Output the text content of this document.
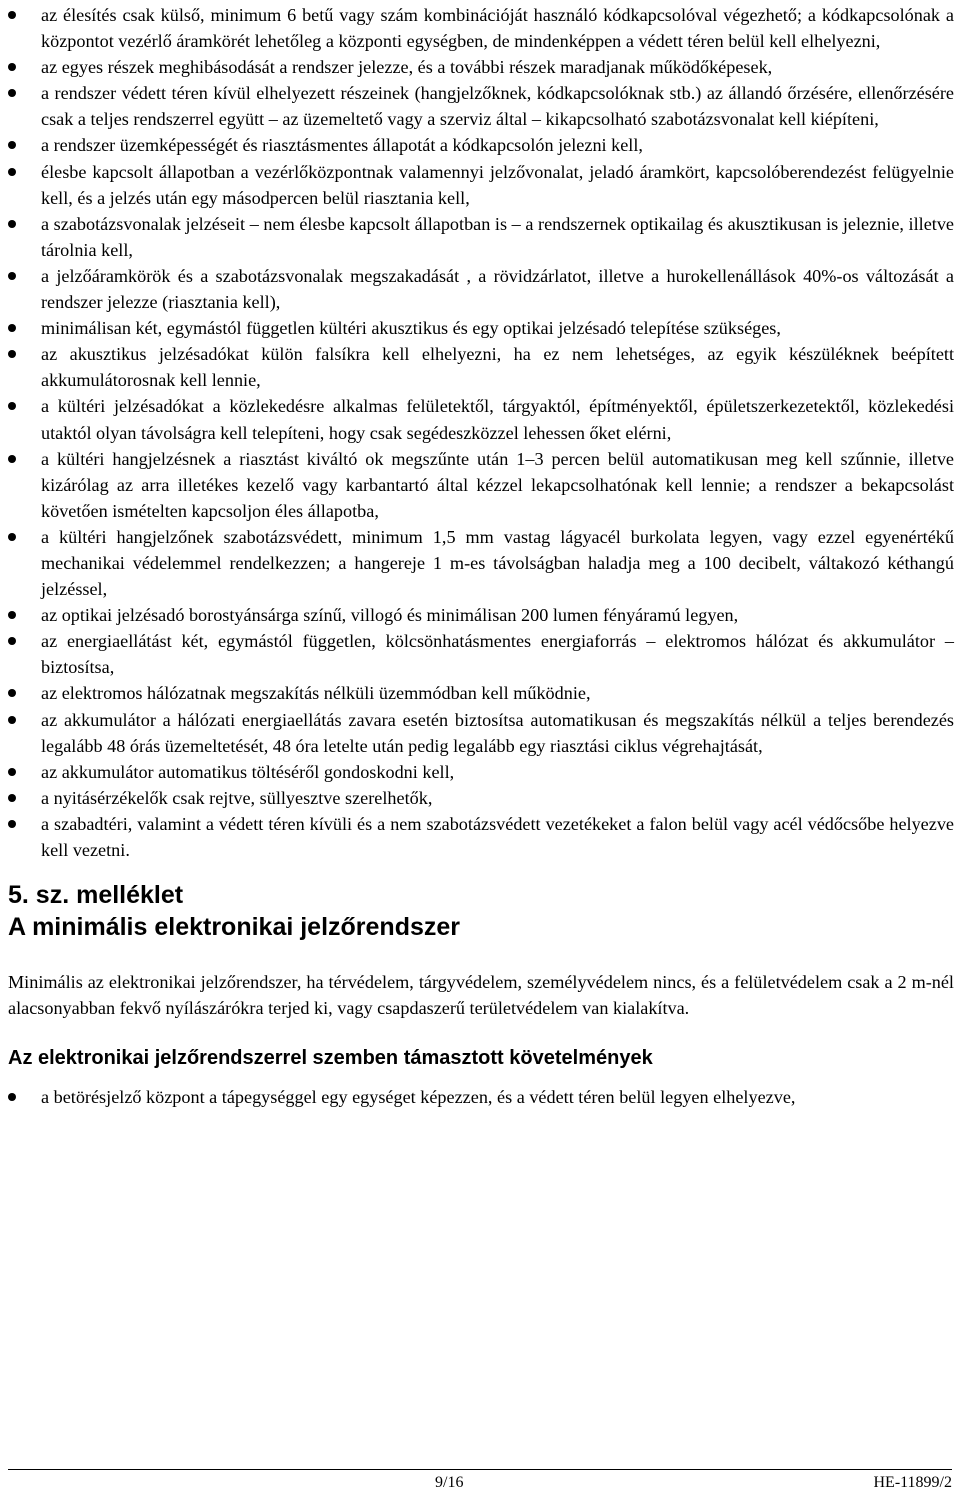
az élesítés csak külső, minimum 6 betű vagy szám kombinációját használó kódkapcsolóval végezhető; a kódkapcsolónak a központot vezérlő áramkörét lehetőleg a központi egységben, de mindenképpen a védett téren belül kell elhelyezni,
az egyes részek meghibásodását a rendszer jelezze, és a további részek maradjanak működőképesek,
a rendszer védett téren kívül elhelyezett részeinek (hangjelzőknek, kódkapcsolóknak stb.) az állandó őrzésére, ellenőrzésére csak a teljes rendszerrel együtt – az üzemeltető vagy a szerviz által – kikapcsolható szabotázsvonalat kell kiépíteni,
a rendszer üzemképességét és riasztásmentes állapotát a kódkapcsolón jelezni kell,
élesbe kapcsolt állapotban a vezérlőközpontnak valamennyi jelzővonalat, jeladó áramkört, kapcsolóberendezést felügyelnie kell, és a jelzés után egy másodpercen belül riasztania kell,
a szabotázsvonalak jelzéseit – nem élesbe kapcsolt állapotban is – a rendszernek optikailag és akusztikusan is jeleznie, illetve tárolnia kell,
a jelzőáramkörök és a szabotázsvonalak megszakadását , a rövidzárlatot, illetve a hurokellenállások 40%-os változását a rendszer jelezze (riasztania kell),
minimálisan két, egymástól független kültéri akusztikus és egy optikai jelzésadó telepítése szükséges,
az akusztikus jelzésadókat külön falsíkra kell elhelyezni, ha ez nem lehetséges, az egyik készüléknek beépített akkumulátorosnak kell lennie,
a kültéri jelzésadókat a közlekedésre alkalmas felületektől, tárgyaktól, építményektől, épületszerkezetektől, közlekedési utaktól olyan távolságra kell telepíteni, hogy csak segédeszközzel lehessen őket elérni,
a kültéri hangjelzésnek a riasztást kiváltó ok megszűnte után 1–3 percen belül automatikusan meg kell szűnnie, illetve kizárólag az arra illetékes kezelő vagy karbantartó által kézzel lekapcsolhatónak kell lennie; a rendszer a bekapcsolást követően ismételten kapcsoljon éles állapotba,
a kültéri hangjelzőnek szabotázsvédett, minimum 1,5 mm vastag lágyacél burkolata legyen, vagy ezzel egyenértékű mechanikai védelemmel rendelkezzen; a hangereje 1 m-es távolságban haladja meg a 100 decibelt, váltakozó kéthangú jelzéssel,
az optikai jelzésadó borostyánsárga színű, villogó és minimálisan 200 lumen fényáramú legyen,
az energiaellátást két, egymástól független, kölcsönhatásmentes energiaforrás – elektromos hálózat és akkumulátor – biztosítsa,
az elektromos hálózatnak megszakítás nélküli üzemmódban kell működnie,
az akkumulátor a hálózati energiaellátás zavara esetén biztosítsa automatikusan és megszakítás nélkül a teljes berendezés legalább 48 órás üzemeltetését, 48 óra letelte után pedig legalább egy riasztási ciklus végrehajtását,
az akkumulátor automatikus töltéséről gondoskodni kell,
a nyitásérzékelők csak rejtve, süllyesztve szerelhetők,
a szabadtéri, valamint a védett téren kívüli és a nem szabotázsvédett vezetékeket a falon belül vagy acél védőcsőbe helyezve kell vezetni.
5. sz. melléklet
A minimális elektronikai jelzőrendszer

Minimális az elektronikai jelzőrendszer, ha térvédelem, tárgyvédelem, személyvédelem nincs, és a felületvédelem csak a 2 m-nél alacsonyabban fekvő nyílászárókra terjed ki, vagy csapdaszerű területvédelem van kialakítva.

Az elektronikai jelzőrendszerrel szemben támasztott követelmények
a betörésjelző központ a tápegységgel egy egységet képezzen, és a védett téren belül legyen elhelyezve,
9/16	HE-11899/2
